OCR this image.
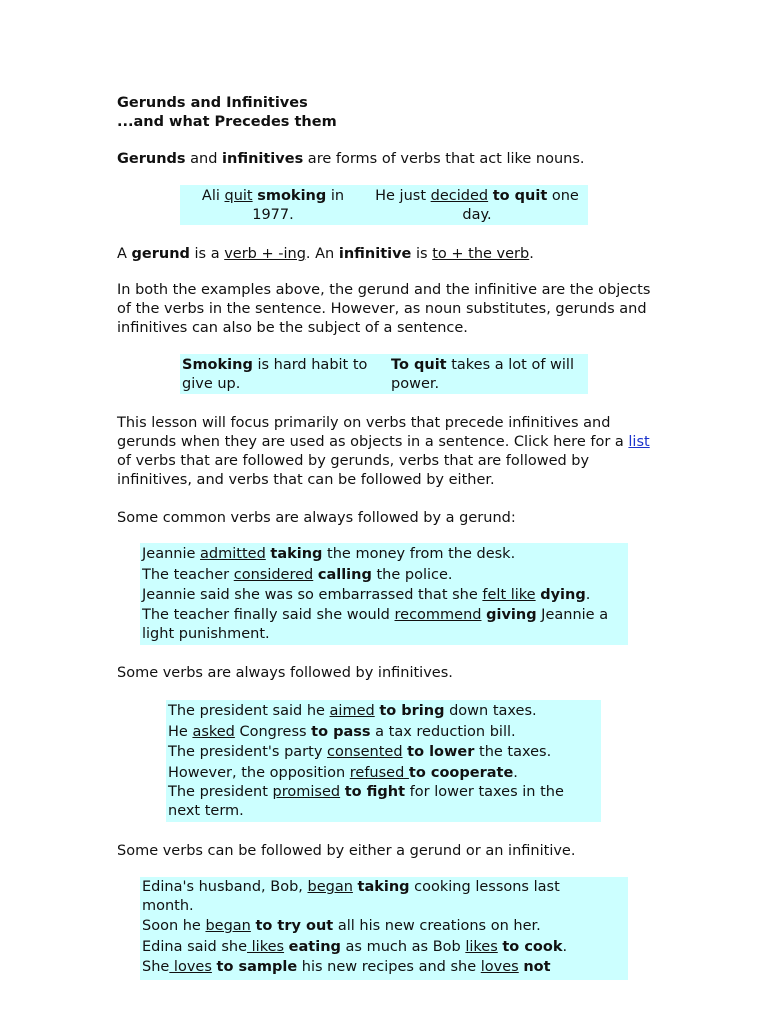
Gerunds and Infinitives
...and what Precedes them

Gerunds and infinitives are forms of verbs that act like nouns.

Ali quit smoking in 1977.	He just decided to quit one day.

A gerund is a verb + -ing. An infinitive is to + the verb.

In both the examples above, the gerund and the infinitive are the objects of the verbs in the sentence. However, as noun substitutes, gerunds and infinitives can also be the subject of a sentence.

Smoking is hard habit to give up.	To quit takes a lot of will power.

This lesson will focus primarily on verbs that precede infinitives and gerunds when they are used as objects in a sentence. Click here for a list of verbs that are followed by gerunds, verbs that are followed by infinitives, and verbs that can be followed by either.

Some common verbs are always followed by a gerund:

Jeannie admitted taking the money from the desk.
The teacher considered calling the police.
Jeannie said she was so embarrassed that she felt like dying.
The teacher finally said she would recommend giving Jeannie a light punishment.

Some verbs are always followed by infinitives.

The president said he aimed to bring down taxes.
He asked Congress to pass a tax reduction bill.
The president's party consented to lower the taxes.
However, the opposition refused to cooperate.
The president promised to fight for lower taxes in the next term.

Some verbs can be followed by either a gerund or an infinitive.

Edina's husband, Bob, began taking cooking lessons last month.
Soon he began to try out all his new creations on her.
Edina said she likes eating as much as Bob likes to cook.
She loves to sample his new recipes and she loves not
